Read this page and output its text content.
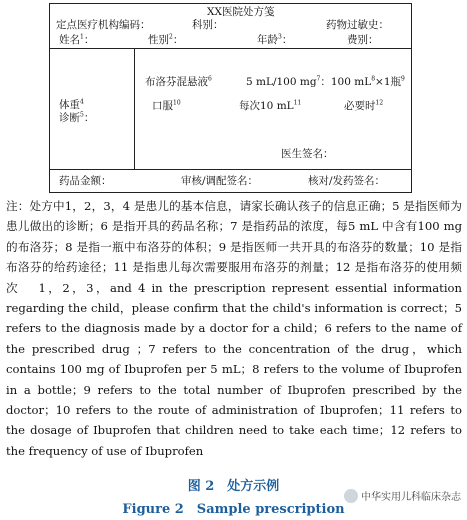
XX医院处方笺
定点医疗机构编码：	科别：	药物过敏史：
姓名$^1$：	性别$^2$：	年龄$^3$：	费别：
布洛芬混悬液$^6$	5 mL/100 $mg^7$：100 $mL^8\times 1$瓶$^9$
口服$^{10}$	每次10 $mL^{11}$	必要时$^{12}$
体重$^4$
诊断$^5$：
医生签名：
药品金额：	审核/调配签名：	核对/发药签名：
注：处方中1，2，3，4 是患儿的基本信息，请家长确认孩子的信息正确；5 是指医师为患儿做出的诊断；6 是指开具的药品名称；7 是指药品的浓度，每5 mL 中含有100 mg 的布洛芬；8 是指一瓶中布洛芬的体积；9 是指医师一共开具的布洛芬的数量；10 是指布洛芬的给药途径；11 是指患儿每次需要服用布洛芬的剂量；12 是指布洛芬的使用频次 1，2，3，and 4 in the prescription represent essential information regarding the child，please confirm that the child's information is correct；5 refers to the diagnosis made by a doctor for a child；6 refers to the name of the prescribed drug ；7 refers to the concentration of the drug，which contains 100 mg of Ibuprofen per 5 mL；8 refers to the volume of Ibuprofen in a bottle；9 refers to the total number of Ibuprofen prescribed by the doctor；10 refers to the route of administration of Ibuprofen；11 refers to the dosage of Ibuprofen that children need to take each time；12 refers to the frequency of use of Ibuprofen
图 2　处方示例
Figure 2　Sample prescription
中华实用儿科临床杂志
